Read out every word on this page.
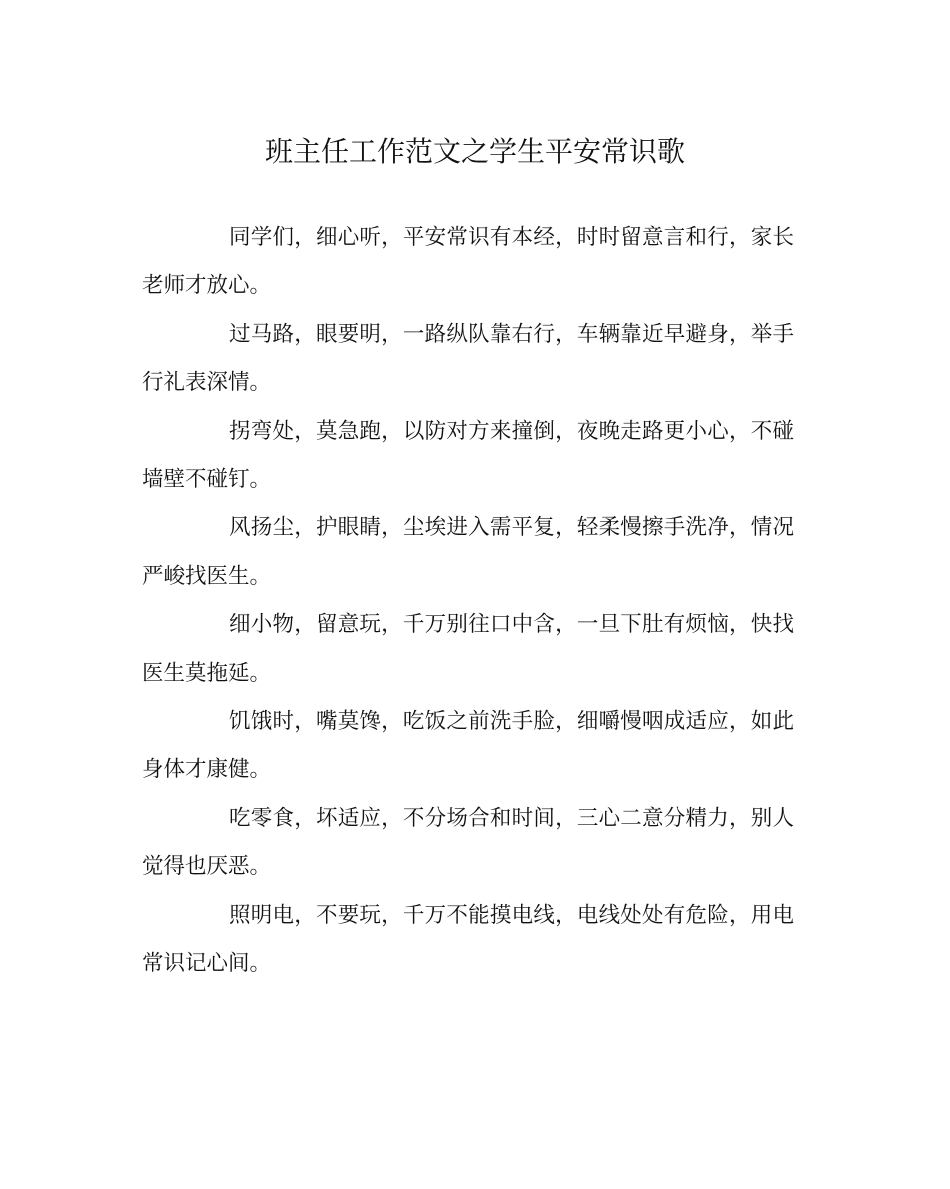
班主任工作范文之学生平安常识歌

同学们，细心听，平安常识有本经，时时留意言和行，家长老师才放心。

过马路，眼要明，一路纵队靠右行，车辆靠近早避身，举手行礼表深情。

拐弯处，莫急跑，以防对方来撞倒，夜晚走路更小心，不碰墙壁不碰钉。

风扬尘，护眼睛，尘埃进入需平复，轻柔慢擦手洗净，情况严峻找医生。

细小物，留意玩，千万别往口中含，一旦下肚有烦恼，快找医生莫拖延。

饥饿时，嘴莫馋，吃饭之前洗手脸，细嚼慢咽成适应，如此身体才康健。

吃零食，坏适应，不分场合和时间，三心二意分精力，别人觉得也厌恶。

照明电，不要玩，千万不能摸电线，电线处处有危险，用电常识记心间。
